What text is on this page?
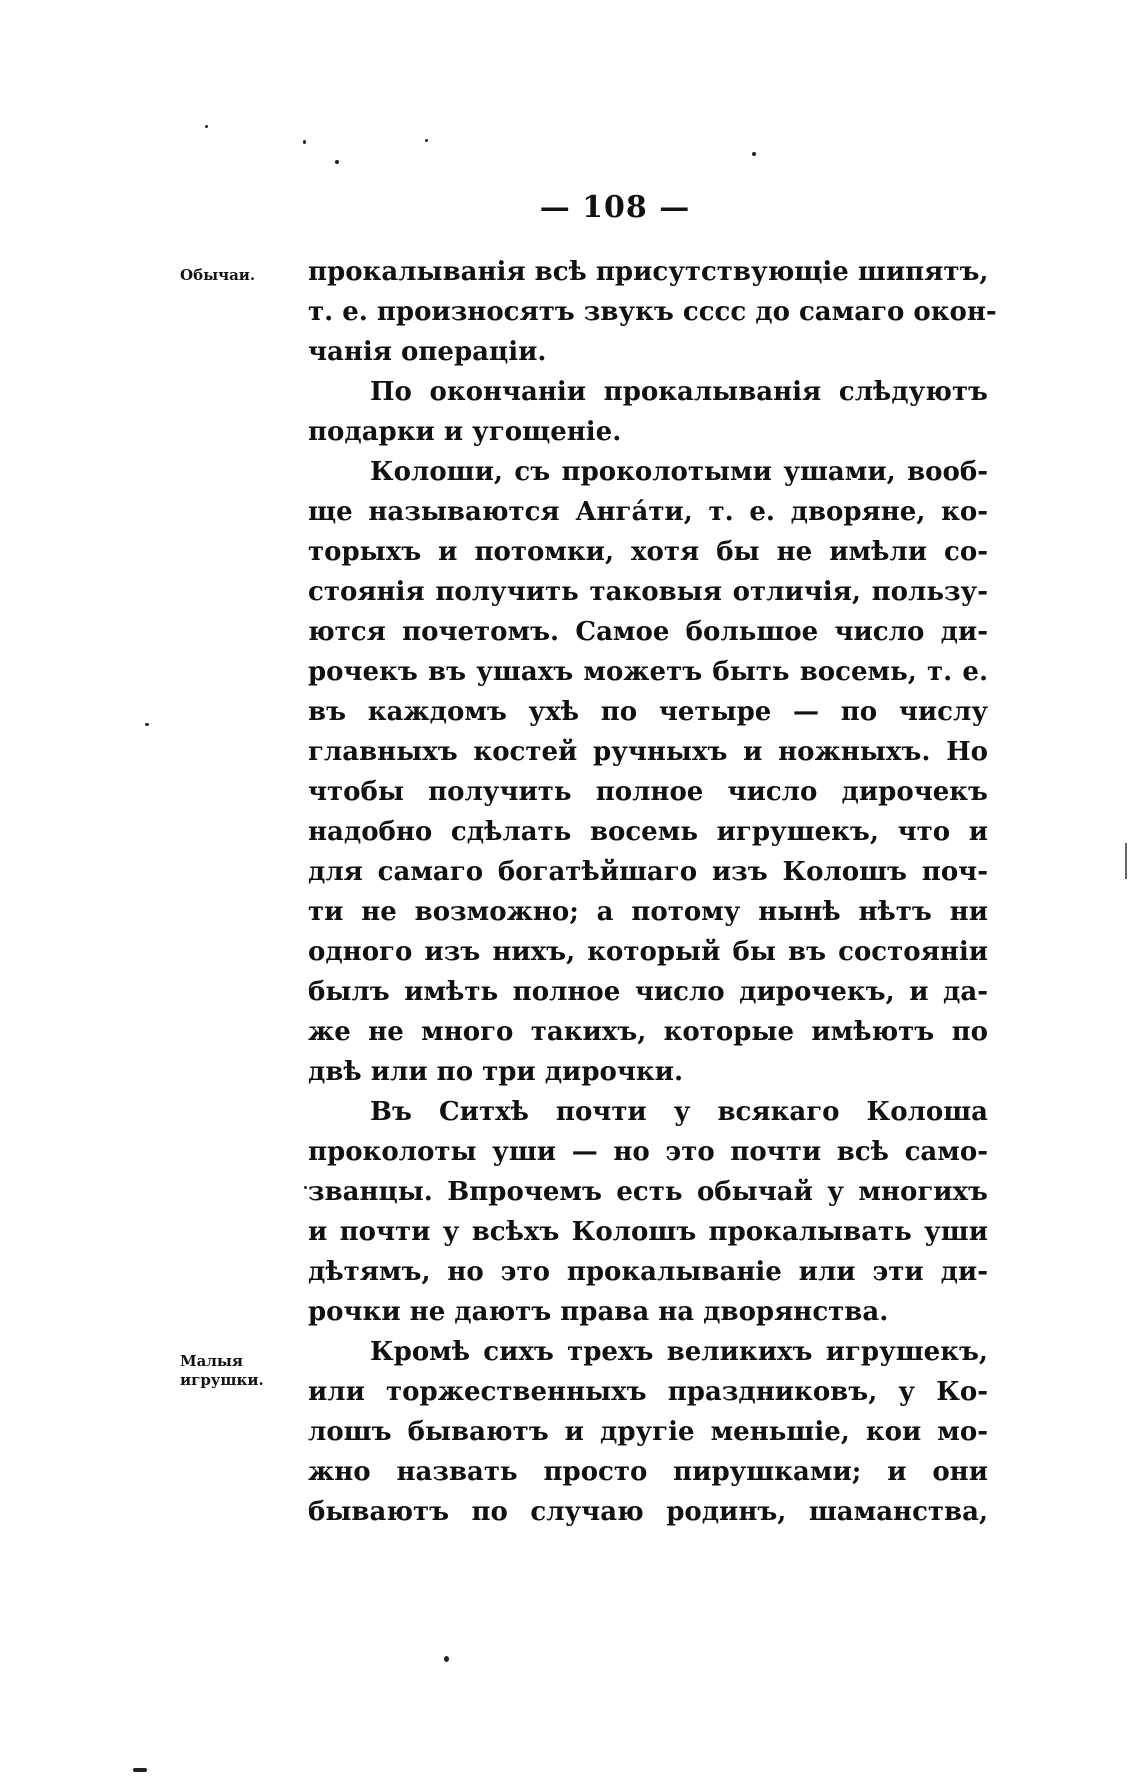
— 108 —
Обычаи.
Малыя
игрушки.
прокалыванія всѣ присутствующіе шипятъ,
т. е. произносятъ звукъ сссс до самаго окон-
чанія операціи.
По окончаніи прокалыванія слѣдуютъ
подарки и угощеніе.
Колоши, съ проколотыми ушами, вооб-
ще называются Анга́ти, т. е. дворяне, ко-
торыхъ и потомки, хотя бы не имѣли со-
стоянія получить таковыя отличія, пользу-
ются почетомъ. Самое большое число ди-
рочекъ въ ушахъ можетъ быть восемь, т. е.
въ каждомъ ухѣ по четыре — по числу
главныхъ костей ручныхъ и ножныхъ. Но
чтобы получить полное число дирочекъ
надобно сдѣлать восемь игрушекъ, что и
для самаго богатѣйшаго изъ Колошъ поч-
ти не возможно; а потому нынѣ нѣтъ ни
одного изъ нихъ, который бы въ состояніи
былъ имѣть полное число дирочекъ, и да-
же не много такихъ, которые имѣютъ по
двѣ или по три дирочки.
Въ Ситхѣ почти у всякаго Колоша
проколоты уши — но это почти всѣ само-
званцы. Впрочемъ есть обычай у многихъ
и почти у всѣхъ Колошъ прокалывать уши
дѣтямъ, но это прокалываніе или эти ди-
рочки не даютъ права на дворянства.
Кромѣ сихъ трехъ великихъ игрушекъ,
или торжественныхъ праздниковъ, у Ко-
лошъ бываютъ и другіе меньшіе, кои мо-
жно назвать просто пирушками; и они
бываютъ по случаю родинъ, шаманства,
